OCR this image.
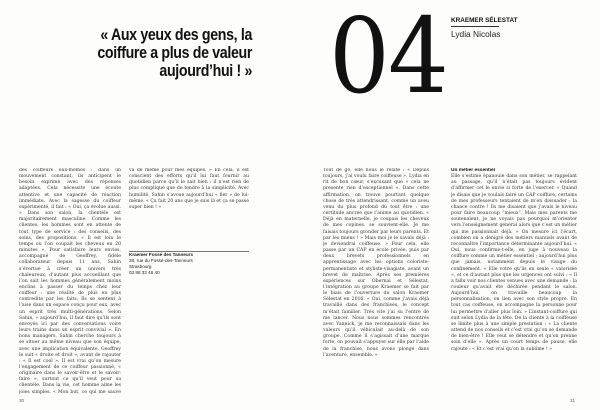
« Aux yeux des gens, la coiffure a plus de valeur aujourd’hui ! »

des coiffeurs eux-mêmes : dans un mouvement constant, ils anticipent le besoin exprimé avec des réponses adaptées. Cela nécessite une écoute attentive et une capacité de réaction immédiate. Avec la sagesse du coiffeur expérimenté, il fait : « Oui, ça évolue aussi. » Dans son salon, la clientèle est majoritairement masculine. Comme les clientes, les hommes sont en attente de tout type de service : des conseils, des soins, des propositions. « Il est loin le temps où l’on coupait les cheveux en 20 minutes ». Pour satisfaire leurs envies, accompagné de Geoffrey, fidèle collaborateur depuis 11 ans, Sahin s’évertue à créer un univers très chaleureux, d’autant plus accueillant que l’on sait les hommes généralement moins enclins à passer du temps chez leur coiffeur : une réalité de plus en plus contredite par les faits. Ils se sentent à l’aise dans un espace conçu pour eux, avec un esprit très multi-générations. Selon Sahin, « aujourd’hui, il faut dire qu’ils sont envoyés ici par des conversations voire leurs trains dans un esprit convivial ». En bons managers, Sahin cherche toujours à se situer au même niveau que son équipe, avec une implication équivalente. Geoffrey le suit « droite et droit », avant de rajouter : « Il est cool ». Il est vrai qu’on mesure l’engagement de ce coiffeur passionné, « originaire dans le savoir-être et le savoir-faire », surtout ce qu’il veut pour sa clientèle. Dans la vie, cet homme aime les joies simples. « Mon but, ce qui me sauve

va de même pour mes équipes. » En cela, il est conscient des efforts qu’il lui faut fournir au quotidien parce qu’il le sait bien : il n’est rien de plus compliqué que de tendre à la simplicité. Avec humilité, Sahin s’avoue aujourd’hui « fier » de lui-même. « Ça fait 20 ans que je suis là et ça se passe super bien ! »

Kraemer Fossé des Tanneurs
28, rue du Fossé-des-Tanneurs
Strasbourg
03 88 32 46 40
30
04 KRAEMER SÉLESTAT
Lydia Nicolas

Tout de go, elle nous le relate : « Depuis toujours, j’ai voulu faire coiffeuse ». Lydia en rit de bon cœur, s’excusant que « cela ne presente rien d’exceptionnel ». Dans cette affirmation, on trouve pourtant quelque chose de très attendrissant, comme un aveu venu du plus profond du tout être : une certitude ancrée que l’anime au quotidien. « Déjà en maternelle, je coupais les cheveux de mes copines, se souvient-elle. Je me faisais toujours gronder par leurs parents. Et par les miens ! » Mais moi je le savais déjà : je deviendrai coiffeuse. » Pour cela, elle passe par un CAP en école privée, puis par deux brevets professionnels en apprentissage avec les options coloriste-permanentiste et styliste-visagiste, avant un brevet de maîtrise. Après ses premières expériences sur Obernai et Sélestat, l’intégration au groupe Kraemer se fait par le biais de l’ouverture du salon Kraemer Sélestat en 2016. « Oui, comme j’avais déjà travaillé dans des franchises, le concept m’était familier. Très vite j’ai su l’entre de me lancer. Nous nous sommes rencontrés avec Yannick, je me reconnaissais dans les valeurs qu’il véhiculait au-delà de son groupe. Comme il s’agissait d’une marque forte, on pouvait s’appuyer sur elle par l’aide de la franchise, nous avons plongé dans l’aventure, ensemble. »

Un métier essentiel

Elle s’estime épanouie dans son métier, se rappelant au passage, qu’il n’était pas toujours évident d’affirmer cet le envie si forte de l’exercer. « Quand je disais que je voulais faire un CAP coiffure, certains de mes professeurs tentaient de m’en dissuader : la chance contre ! Ils me disaient que j’avais le niveau pour faire beaucoup “mieux”. Mais mes parents me soutenaient, je ne voyais pas pourquoi m’orienter vers l’enseignement général alors que c’est un métier qui me passionnait déjà. » On mesure ici l’écart, combien on a dénigré des métiers manuels avant de reconnaître l’importance déterminante aujourd’hui. « Oui, nous confirme-t-elle, en juge à nouveau la coiffure comme un métier essentiel ; aujourd’hui plus que jamais, notamment depuis le visage du confinement. » Elle votre qu’ils en seule « valorisée », et ce d’autant plus que les urgences ont suivi : « Il a fallu voir nos clientes venues avec une demande : la couleur qu’avait été déchirée pendant le salon. Aujourd’hui, on travaille beaucoup la personnalisation, on lien avec son style propre. En tout cas coiffeuse, on accompagne la personne pour lui permettre d’aller plus loin. » L’instant-coiffure qui suit selon Lydia de la tête. De la cliente à la coiffeuse se limite plus à une simple prestation : « La cliente attend de nos conseils et c’est vrai qu’on se demande de bien-être ! Elle veut se détendre et qu’on prenne soin d’elle ». Après un court temps de pause, elle rajoute : « Et c’est vrai qu’on la sublime ! »

31
